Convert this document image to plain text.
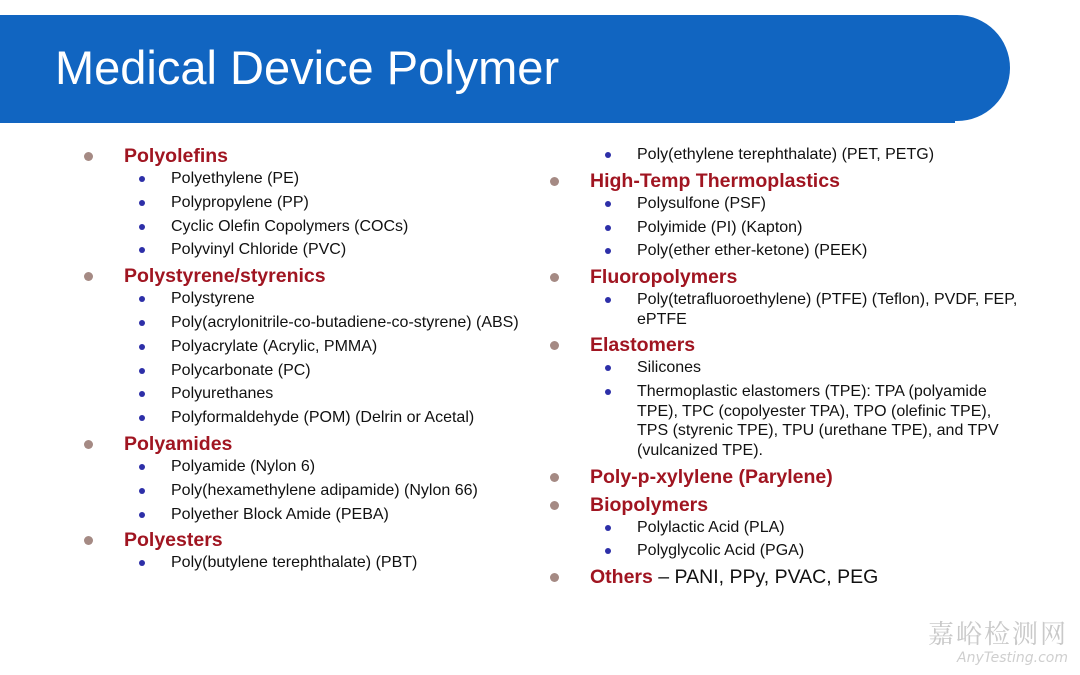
Medical Device Polymer
Polyolefins
Polyethylene (PE)
Polypropylene (PP)
Cyclic Olefin Copolymers (COCs)
Polyvinyl Chloride (PVC)
Polystyrene/styrenics
Polystyrene
Poly(acrylonitrile-co-butadiene-co-styrene) (ABS)
Polyacrylate (Acrylic, PMMA)
Polycarbonate (PC)
Polyurethanes
Polyformaldehyde (POM) (Delrin or Acetal)
Polyamides
Polyamide (Nylon 6)
Poly(hexamethylene adipamide) (Nylon 66)
Polyether Block Amide (PEBA)
Polyesters
Poly(butylene terephthalate) (PBT)
Poly(ethylene terephthalate) (PET, PETG)
High-Temp Thermoplastics
Polysulfone (PSF)
Polyimide (PI) (Kapton)
Poly(ether ether-ketone) (PEEK)
Fluoropolymers
Poly(tetrafluoroethylene) (PTFE) (Teflon), PVDF, FEP, ePTFE
Elastomers
Silicones
Thermoplastic elastomers (TPE): TPA (polyamide TPE), TPC (copolyester TPA), TPO (olefinic TPE), TPS (styrenic TPE), TPU (urethane TPE), and TPV (vulcanized TPE).
Poly-p-xylylene (Parylene)
Biopolymers
Polylactic Acid (PLA)
Polyglycolic Acid (PGA)
Others – PANI, PPy, PVAC, PEG
嘉峪检测网
AnyTesting.com
